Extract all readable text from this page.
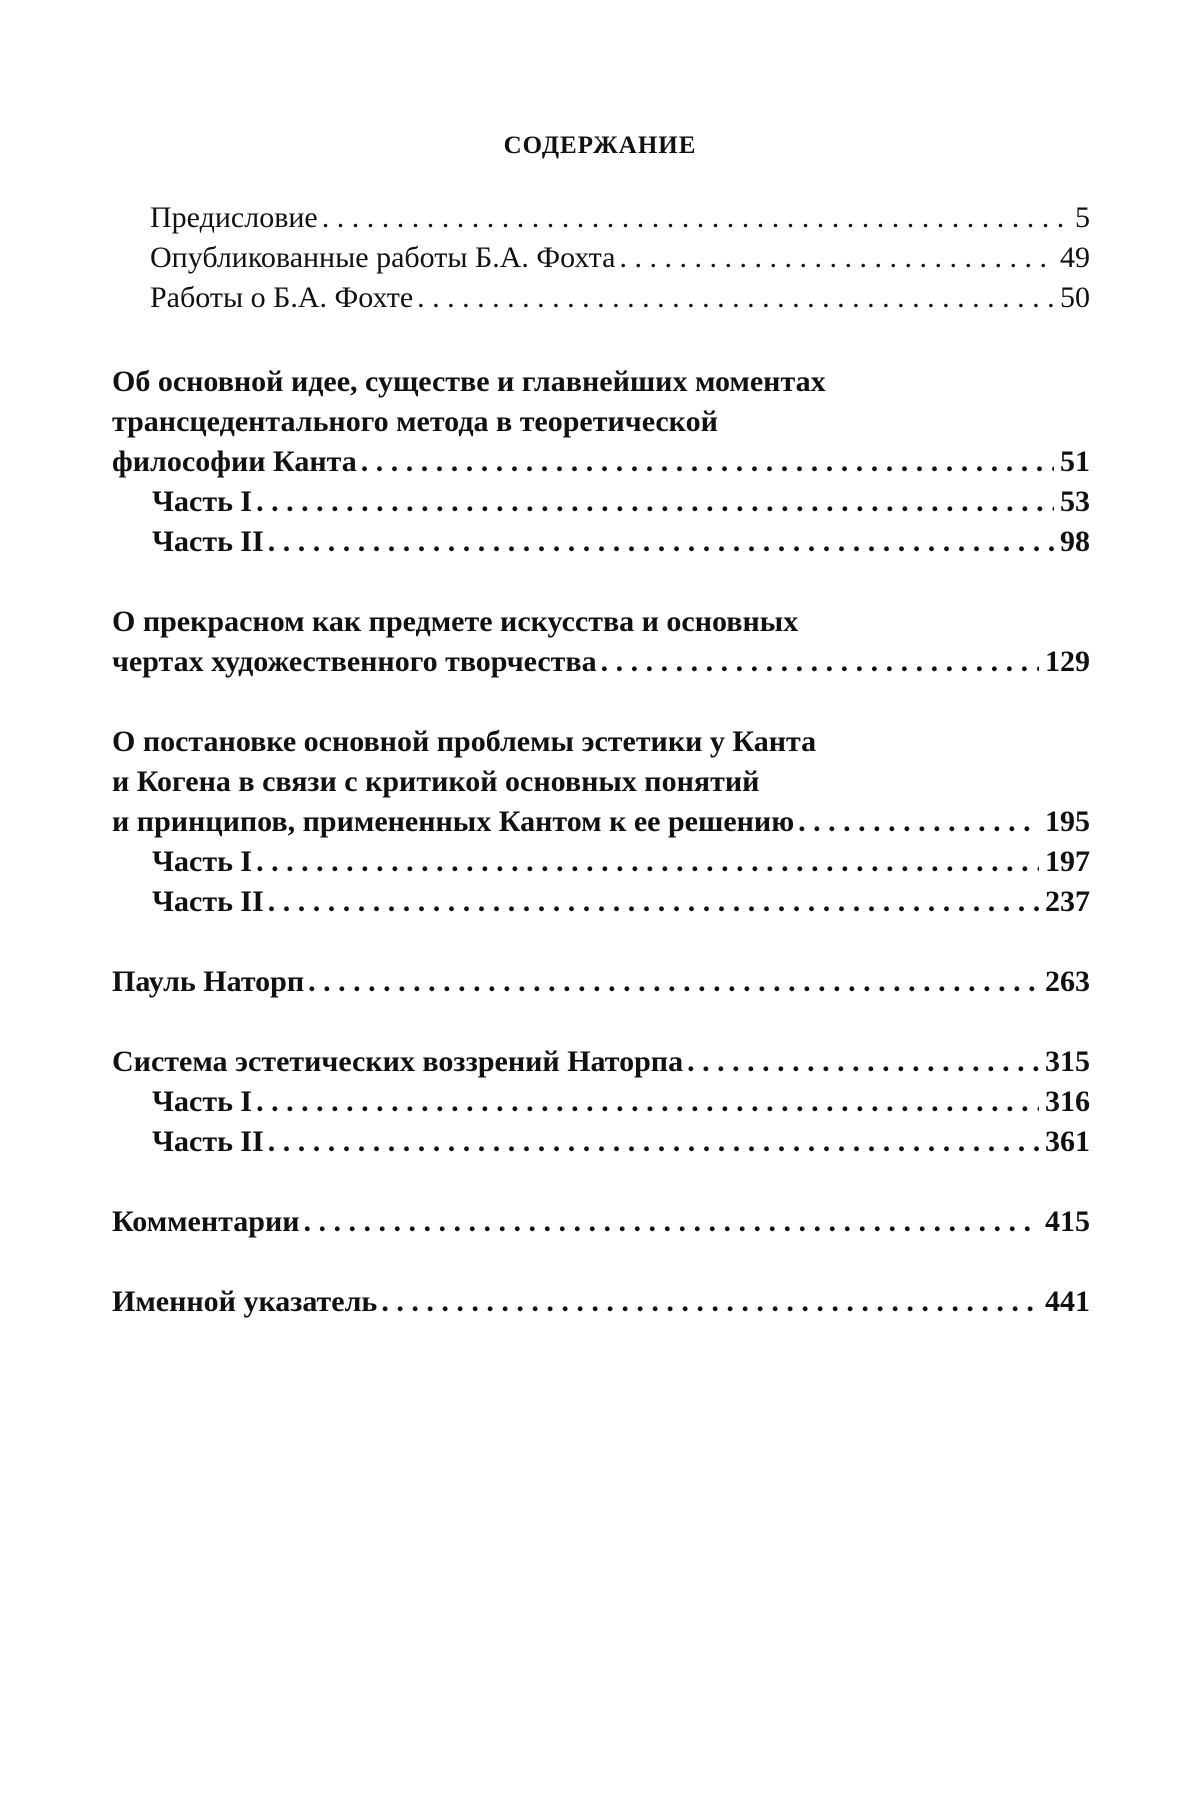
СОДЕРЖАНИЕ
Предисловие . . .	5
Опубликованные работы Б.А. Фохта . . .	49
Работы о Б.А. Фохте . . .	50
Об основной идее, существе и главнейших моментах
трансцедентального метода в теоретической
философии Канта . . .	51
Часть I . . .	53
Часть II . . .	98
О прекрасном как предмете искусства и основных
чертах художественного творчества . . .	129
О постановке основной проблемы эстетики у Канта
и Когена в связи с критикой основных понятий
и принципов, примененных Кантом к ее решению . . .	195
Часть I . . .	197
Часть II . . .	237
Пауль Наторп . . .	263
Система эстетических воззрений Наторпа . . .	315
Часть I . . .	316
Часть II . . .	361
Комментарии . . .	415
Именной указатель . . .	441
